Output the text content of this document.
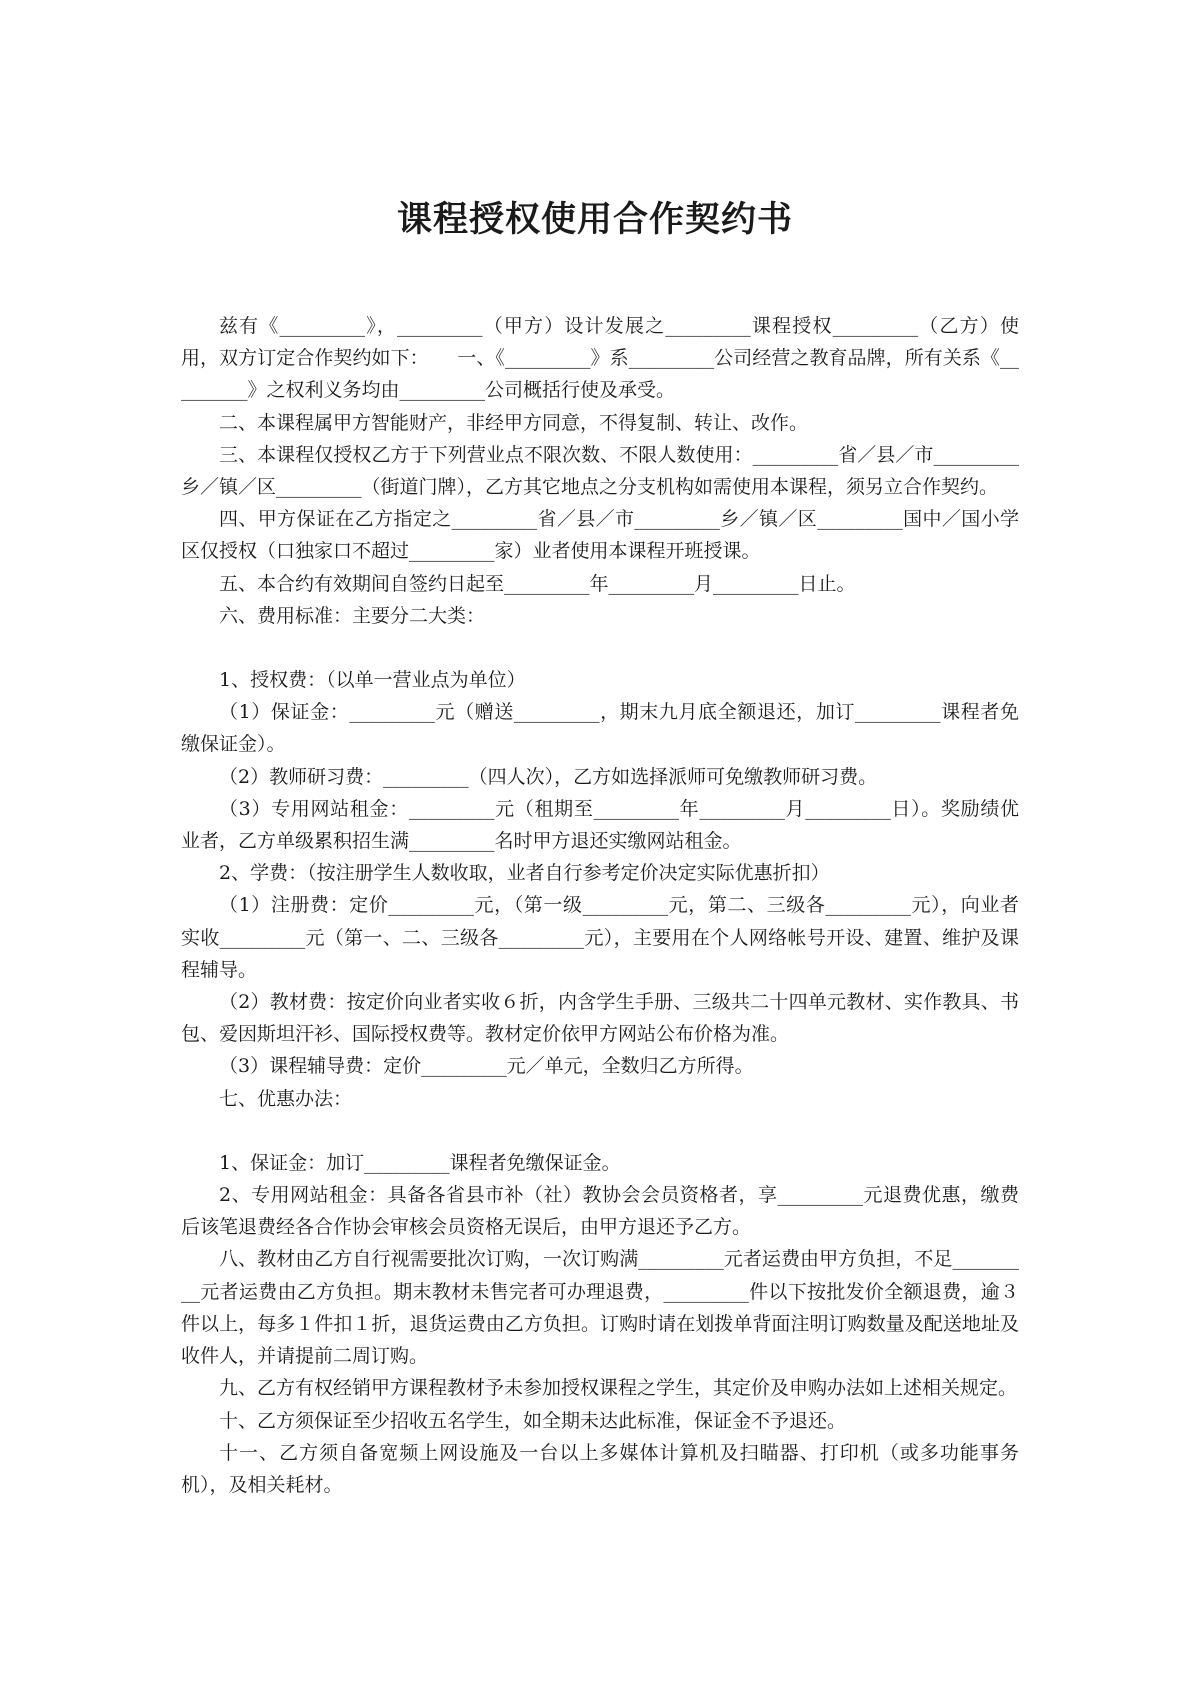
课程授权使用合作契约书

兹有《_________》，_________（甲方）设计发展之_________课程授权_________（乙方）使用，双方订定合作契约如下：　　一、《_________》系_________公司经营之教育品牌，所有关系《_________》之权利义务均由_________公司概括行使及承受。

二、本课程属甲方智能财产，非经甲方同意，不得复制、转让、改作。

三、本课程仅授权乙方于下列营业点不限次数、不限人数使用：_________省／县／市_________乡／镇／区_________（街道门牌），乙方其它地点之分支机构如需使用本课程，须另立合作契约。

四、甲方保证在乙方指定之_________省／县／市_________乡／镇／区_________国中／国小学区仅授权（口独家口不超过_________家）业者使用本课程开班授课。

五、本合约有效期间自签约日起至_________年_________月_________日止。

六、费用标准：主要分二大类：

1、授权费：（以单一营业点为单位）

（1）保证金：_________元（赠送_________，期末九月底全额退还，加订_________课程者免缴保证金）。

（2）教师研习费：_________（四人次），乙方如选择派师可免缴教师研习费。

（3）专用网站租金：_________元（租期至_________年_________月_________日）。奖励绩优业者，乙方单级累积招生满_________名时甲方退还实缴网站租金。

2、学费：（按注册学生人数收取，业者自行参考定价决定实际优惠折扣）

（1）注册费：定价_________元，（第一级_________元，第二、三级各_________元），向业者实收_________元（第一、二、三级各_________元），主要用在个人网络帐号开设、建置、维护及课程辅导。

（2）教材费：按定价向业者实收６折，内含学生手册、三级共二十四单元教材、实作教具、书包、爱因斯坦汗衫、国际授权费等。教材定价依甲方网站公布价格为准。

（3）课程辅导费：定价_________元／单元，全数归乙方所得。

七、优惠办法：

1、保证金：加订_________课程者免缴保证金。

2、专用网站租金：具备各省县市补（社）教协会会员资格者，享_________元退费优惠，缴费后该笔退费经各合作协会审核会员资格无误后，由甲方退还予乙方。

八、教材由乙方自行视需要批次订购，一次订购满_________元者运费由甲方负担，不足_________元者运费由乙方负担。期末教材未售完者可办理退费，_________件以下按批发价全额退费，逾３件以上，每多１件扣１折，退货运费由乙方负担。订购时请在划拨单背面注明订购数量及配送地址及收件人，并请提前二周订购。

九、乙方有权经销甲方课程教材予未参加授权课程之学生，其定价及申购办法如上述相关规定。

十、乙方须保证至少招收五名学生，如全期未达此标准，保证金不予退还。

十一、乙方须自备宽频上网设施及一台以上多媒体计算机及扫瞄器、打印机（或多功能事务机），及相关耗材。
